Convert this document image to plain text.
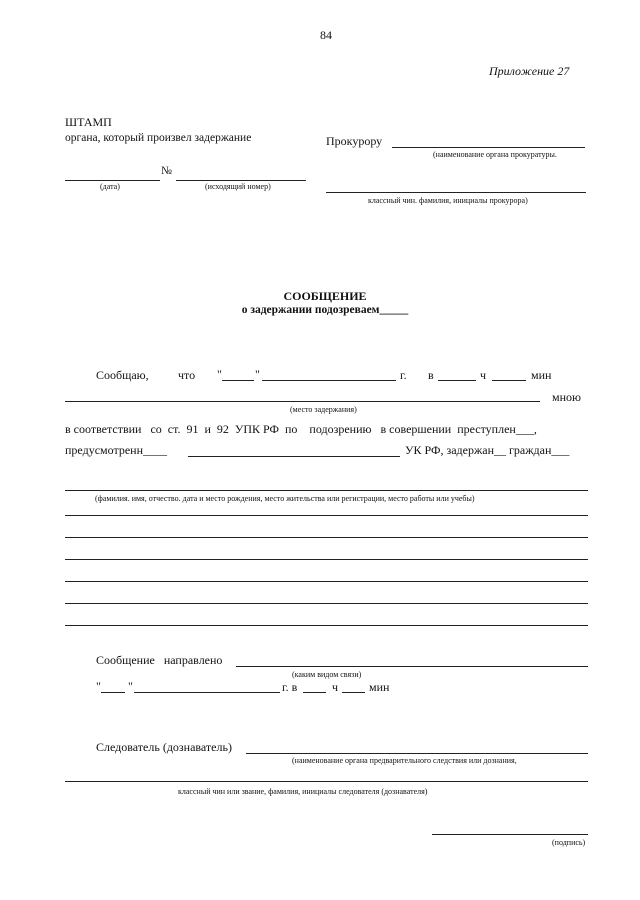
84
Приложение 27
ШТАМП
органа, который произвел задержание
№
(дата)	(исходящий номер)
Прокурору
(наименование органа прокуратуры.
классный чин. фамилия, инициалы прокурора)
СООБЩЕНИЕ
о задержании подозреваем_____
Сообщаю, что "	"	г. в	ч	мин
мною
(место задержания)
в соответствии   со  ст.  91  и  92  УПК РФ  по    подозрению   в совершении  преступлен___,
предусмотренн____	УК РФ, задержан__ граждан___
(фамилия. имя, отчество. дата и место рождения, место жительства или регистрации, место работы или учебы)
Сообщение   направлено
(каким видом связи)
" "	г. в	ч	мин
Следователь (дознаватель)
(наименование органа предварительного следствия или дознания,
классный чин или звание, фамилия, инициалы следователя (дознавателя)
(подпись)
